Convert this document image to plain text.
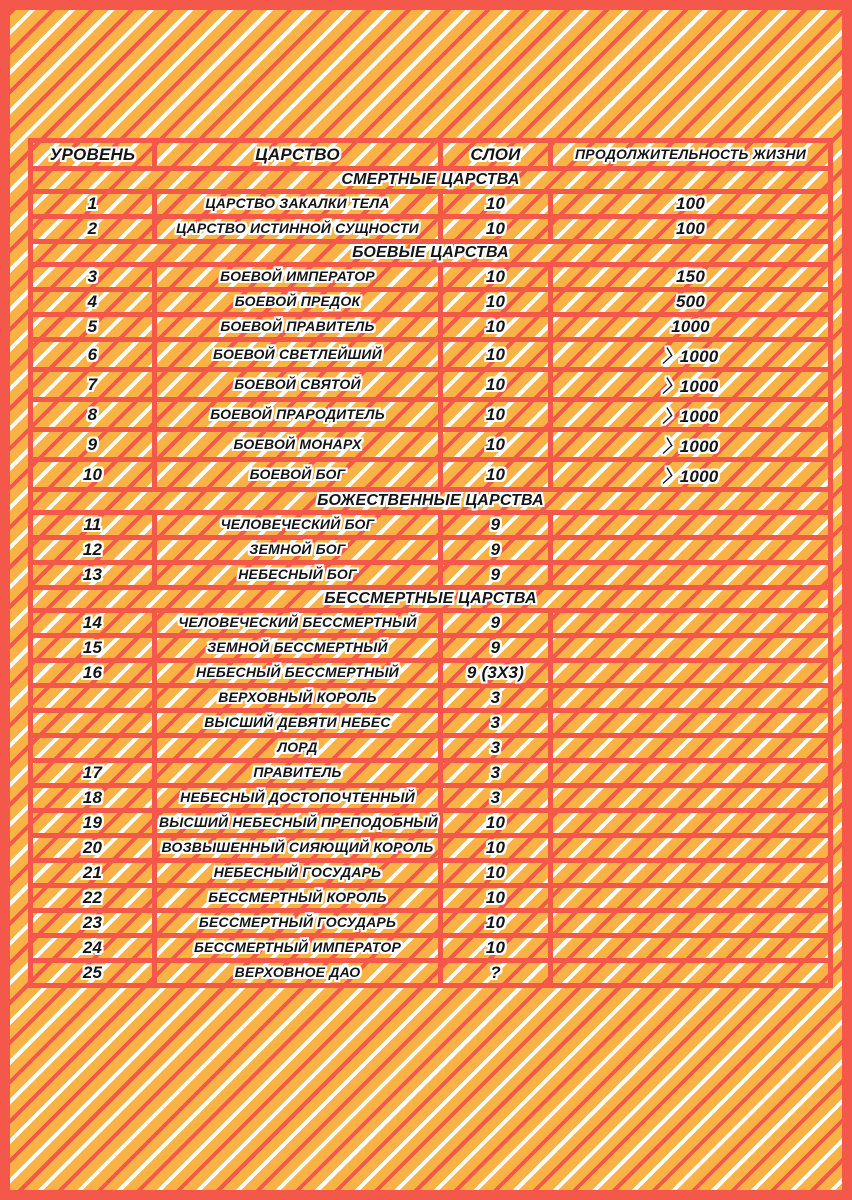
УРОВЕНЬ	ЦАРСТВО	СЛОИ	ПРОДОЛЖИТЕЛЬНОСТЬ ЖИЗНИ
СМЕРТНЫЕ ЦАРСТВА			
1	ЦАРСТВО ЗАКАЛКИ ТЕЛА	10	100
2	ЦАРСТВО ИСТИННОЙ СУЩНОСТИ	10	100
БОЕВЫЕ ЦАРСТВА			
3	БОЕВОЙ ИМПЕРАТОР	10	150
4	БОЕВОЙ ПРЕДОК	10	500
5	БОЕВОЙ ПРАВИТЕЛЬ	10	1000
6	БОЕВОЙ СВЕТЛЕЙШИЙ	10	〉1000
7	БОЕВОЙ СВЯТОЙ	10	〉1000
8	БОЕВОЙ ПРАРОДИТЕЛЬ	10	〉1000
9	БОЕВОЙ МОНАРХ	10	〉1000
10	БОЕВОЙ БОГ	10	〉1000
БОЖЕСТВЕННЫЕ ЦАРСТВА			
11	ЧЕЛОВЕЧЕСКИЙ БОГ	9	
12	ЗЕМНОЙ БОГ	9	
13	НЕБЕСНЫЙ БОГ	9	
БЕССМЕРТНЫЕ ЦАРСТВА			
14	ЧЕЛОВЕЧЕСКИЙ БЕССМЕРТНЫЙ	9	
15	ЗЕМНОЙ БЕССМЕРТНЫЙ	9	
16	НЕБЕСНЫЙ БЕССМЕРТНЫЙ	9 (3X3)	
	ВЕРХОВНЫЙ КОРОЛЬ	3	
	ВЫСШИЙ ДЕВЯТИ НЕБЕС	3	
	ЛОРД	3	
17	ПРАВИТЕЛЬ	3	
18	НЕБЕСНЫЙ ДОСТОПОЧТЕННЫЙ	3	
19	ВЫСШИЙ НЕБЕСНЫЙ ПРЕПОДОБНЫЙ	10	
20	ВОЗВЫШЕННЫЙ СИЯЮЩИЙ КОРОЛЬ	10	
21	НЕБЕСНЫЙ ГОСУДАРЬ	10	
22	БЕССМЕРТНЫЙ КОРОЛЬ	10	
23	БЕССМЕРТНЫЙ ГОСУДАРЬ	10	
24	БЕССМЕРТНЫЙ ИМПЕРАТОР	10	
25	ВЕРХОВНОЕ ДАО	?	
